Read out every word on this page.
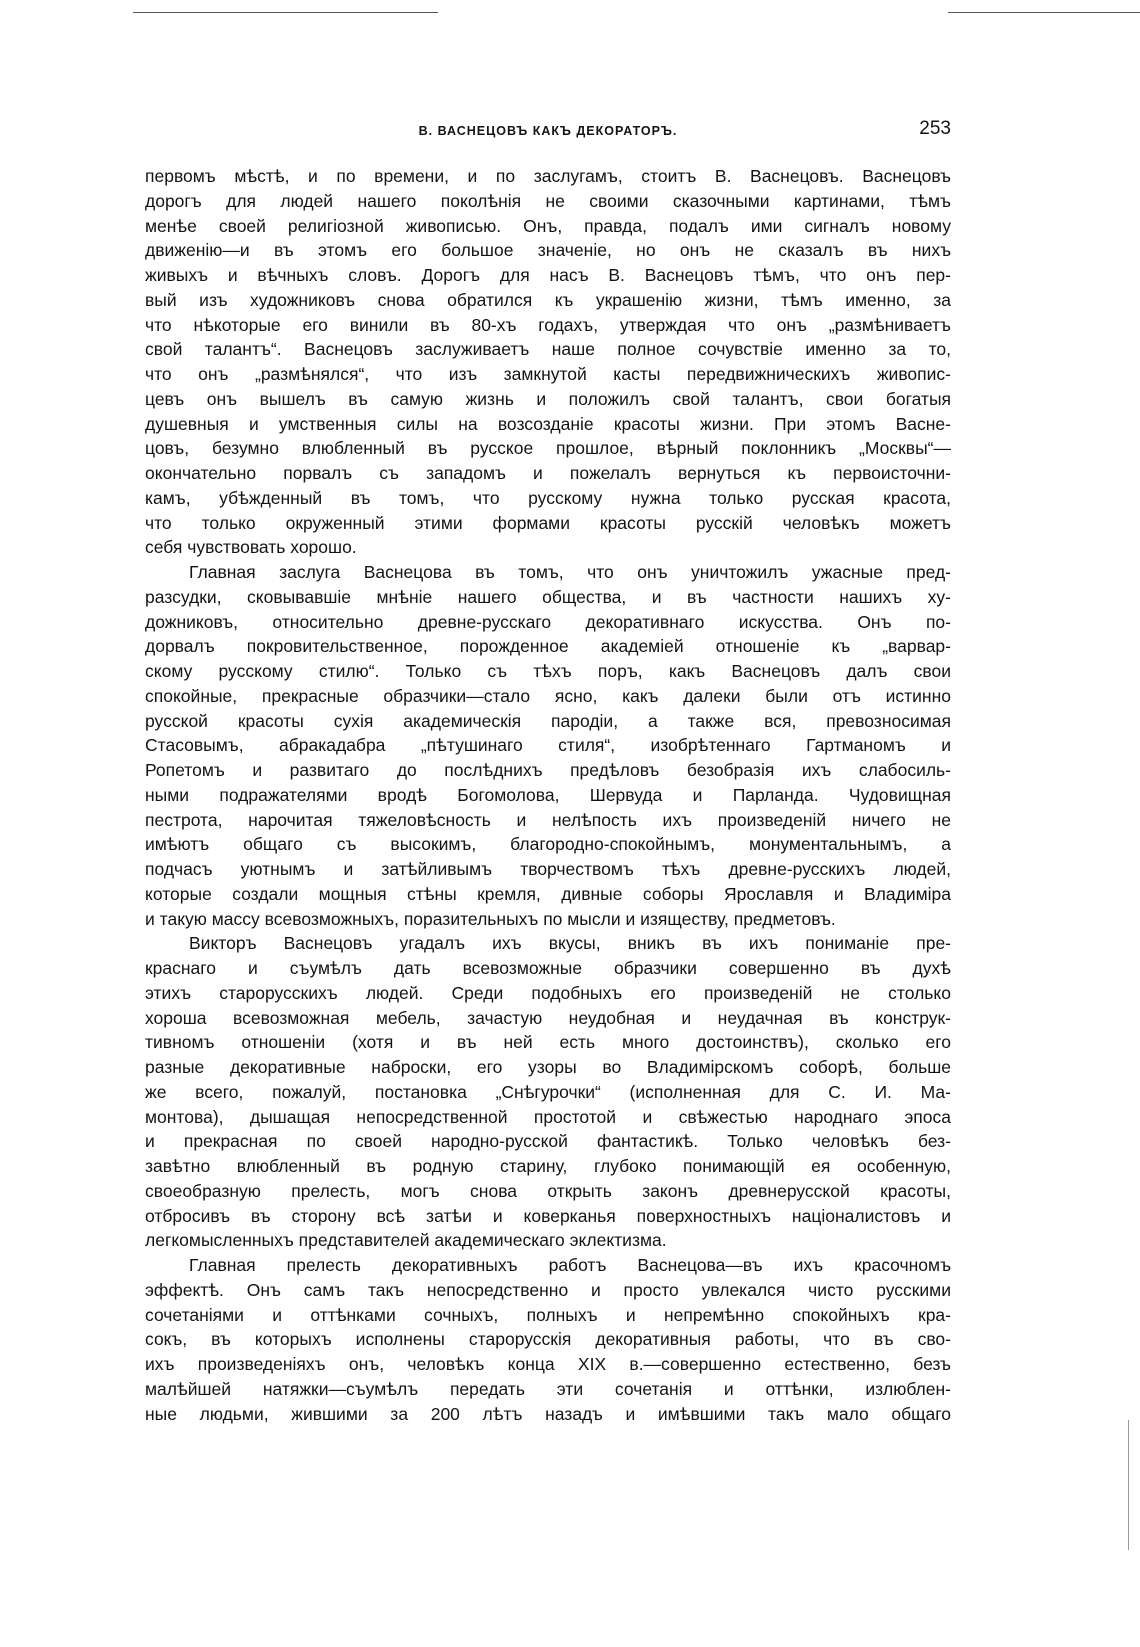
В. ВАСНЕЦОВЪ КАКЪ ДЕКОРАТОРЪ.	253

первомъ мѣстѣ, и по времени, и по заслугамъ, стоитъ В. Васнецовъ. Васнецовъ
дорогъ для людей нашего поколѣнія не своими сказочными картинами, тѣмъ
менѣе своей религіозной живописью. Онъ, правда, подалъ ими сигналъ новому
движенію—и въ этомъ его большое значеніе, но онъ не сказалъ въ нихъ
живыхъ и вѣчныхъ словъ. Дорогъ для насъ В. Васнецовъ тѣмъ, что онъ пер-
вый изъ художниковъ снова обратился къ украшенію жизни, тѣмъ именно, за
что нѣкоторые его винили въ 80-хъ годахъ, утверждая что онъ „размѣниваетъ
свой талантъ“. Васнецовъ заслуживаетъ наше полное сочувствіе именно за то,
что онъ „размѣнялся“, что изъ замкнутой касты передвижническихъ живопис-
цевъ онъ вышелъ въ самую жизнь и положилъ свой талантъ, свои богатыя
душевныя и умственныя силы на возсозданіе красоты жизни. При этомъ Васне-
цовъ, безумно влюбленный въ русское прошлое, вѣрный поклонникъ „Москвы“—
окончательно порвалъ съ западомъ и пожелалъ вернуться къ первоисточни-
камъ, убѣжденный въ томъ, что русскому нужна только русская красота,
что только окруженный этими формами красоты русскій человѣкъ можетъ
себя чувствовать хорошо.
Главная заслуга Васнецова въ томъ, что онъ уничтожилъ ужасные пред-
разсудки, сковывавшіе мнѣніе нашего общества, и въ частности нашихъ ху-
дожниковъ, относительно древне-русскаго декоративнаго искусства. Онъ по-
дорвалъ покровительственное, порожденное академіей отношеніе къ „варвар-
скому русскому стилю“. Только съ тѣхъ поръ, какъ Васнецовъ далъ свои
спокойные, прекрасные образчики—стало ясно, какъ далеки были отъ истинно
русской красоты сухія академическія пародіи, а также вся, превозносимая
Стасовымъ, абракадабра „пѣтушинаго стиля“, изобрѣтеннаго Гартманомъ и
Ропетомъ и развитаго до послѣднихъ предѣловъ безобразія ихъ слабосиль-
ными подражателями вродѣ Богомолова, Шервуда и Парланда. Чудовищная
пестрота, нарочитая тяжеловѣсность и нелѣпость ихъ произведеній ничего не
имѣютъ общаго съ высокимъ, благородно-спокойнымъ, монументальнымъ, а
подчасъ уютнымъ и затѣйливымъ творчествомъ тѣхъ древне-русскихъ людей,
которые создали мощныя стѣны кремля, дивные соборы Ярославля и Владиміра
и такую массу всевозможныхъ, поразительныхъ по мысли и изяществу, предметовъ.
Викторъ Васнецовъ угадалъ ихъ вкусы, вникъ въ ихъ пониманіе пре-
краснаго и съумѣлъ дать всевозможные образчики совершенно въ духѣ
этихъ старорусскихъ людей. Среди подобныхъ его произведеній не столько
хороша всевозможная мебель, зачастую неудобная и неудачная въ конструк-
тивномъ отношеніи (хотя и въ ней есть много достоинствъ), сколько его
разные декоративные наброски, его узоры во Владимірскомъ соборѣ, больше
же всего, пожалуй, постановка „Снѣгурочки“ (исполненная для С. И. Ма-
монтова), дышащая непосредственной простотой и свѣжестью народнаго эпоса
и прекрасная по своей народно-русской фантастикѣ. Только человѣкъ без-
завѣтно влюбленный въ родную старину, глубоко понимающій ея особенную,
своеобразную прелесть, могъ снова открыть законъ древнерусской красоты,
отбросивъ въ сторону всѣ затѣи и коверканья поверхностныхъ націоналистовъ и
легкомысленныхъ представителей академическаго эклектизма.
Главная прелесть декоративныхъ работъ Васнецова—въ ихъ красочномъ
эффектѣ. Онъ самъ такъ непосредственно и просто увлекался чисто русскими
сочетаніями и оттѣнками сочныхъ, полныхъ и непремѣнно спокойныхъ кра-
сокъ, въ которыхъ исполнены старорусскія декоративныя работы, что въ сво-
ихъ произведеніяхъ онъ, человѣкъ конца XIX в.—совершенно естественно, безъ
малѣйшей натяжки—съумѣлъ передать эти сочетанія и оттѣнки, излюблен-
ные людьми, жившими за 200 лѣтъ назадъ и имѣвшими такъ мало общаго
